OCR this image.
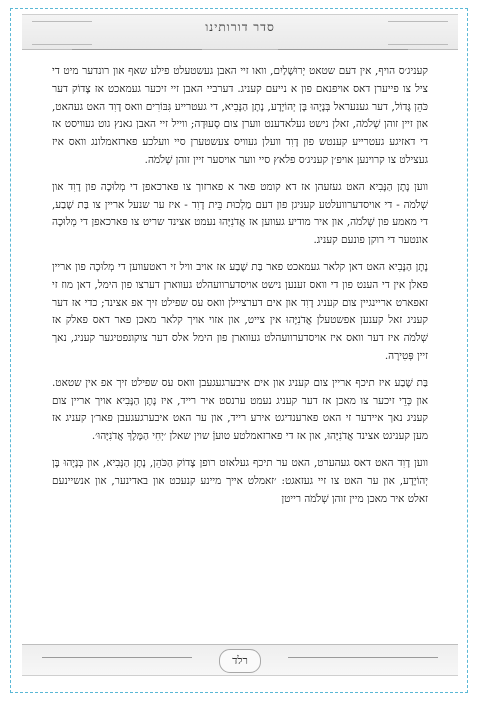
סדר דורותינו

קעניג׳ס הויף, אין דעם שטאט יְרוּשָׁלַיִם, וואו זיי האבן געשטעלט פילע שאף און רונדער מיט די ציל צו פייערן דאס אויפנאם פון א נייעם קעניג. דערביי האבן זיי זיכער געמאכט אז צָדוֹק דער כֹּהֵן גָּדוֹל, דער גענעראל בְּנָיָהוּ בֶּן יְהוֹיָדָע, נָתָן הַנָּבִיא, די געטרייע גִּבּוֹרִים וואס דָוִד האט געהאט, און זיין זוהן שְׁלֹמֹה, זאלן נישט געלאדענט ווערן צום סְעוּדָה; ווייל זיי האבן גאנץ גוט געוויסט אז די דאזיגע געטרייע קענטש פון דָוִד וועלן געוויס צעשטערן סיי וועלכע פארזאמלונג וואס איז געצילט צו קרוינען אויפ׳ן קעניג׳ס פלאץ סיי ווער אויסער זיין זוהן שְׁלֹמֹה.

ווען נָתָן הַנָּבִיא האט געזעהן אז דא קומט פאר א פארזוך צו פארכאפן די מְלוּכָה פון דָוִד און שְׁלֹמֹה - די אויסדערוועלטע קעניגן פון דעם מַלְכוּת בֵּית דָוִד - איז ער שנעל אריין צו בַּת שֶׁבַע, די מאמע פון שְׁלֹמֹה, און איר מודיע געווען אז אֲדֹנִיָּהוּ נעמט אצינד שריט צו פארכאפן די מְלוּכָה אונטער די רוקן פונעם קעניג.

נָתָן הַנָּבִיא האט דאן קלאר געמאכט פאר בַּת שֶׁבַע אז אויב וויל זי ראטעווען די מְלוּכָה פון אריין פאלן אין די הענט פון די וואס זענען נישט אויסדערוועהלט געווארן דערצו פון הימל, דאן מוז זי זאפארט אריינגיין צום קעניג דָוִד און אים דערציילן וואס עס שפילט זיך אפ אצינד; כדי אז דער קעניג זאל קענען אפשטעלן אֲדֹנִיָּהוּ אין צייט, און אזוי אויך קלאר מאכן פאר דאס פאלק אז שְׁלֹמֹה איז דער וואס איז אויסדערוועהלט געווארן פון הימל אלס דער צוקונפטיגער קעניג, נאך זיין פְּטִירָה.

בַּת שֶׁבַע איז תיכף אריין צום קעניג און אים איבערגעגעבן וואס עס שפילט זיך אפ אין שטאט. און כְּדֵי זיכער צו מאכן אז דער קעניג נעמט ערנסט איר רייד, איז נָתָן הַנָּבִיא אויך אריין צום קעניג נאך איידער זי האט פארענדיגט אירע רייד, און ער האט איבערגעגעבן פאר׳ן קעניג אז מען קעניגט אצינד אֲדֹנִיָּהוּ, און אז די פארזאמלטע טועןֿ שוין שאלן ׳יְחִי הַמֶּלֶךְ אֲדֹנִיָּהוּ׳.

ווען דָוִד האט דאס געהערט, האט ער תיכף געלאזט רופן צָדוֹק הַכֹּהֵן, נָתָן הַנָּבִיא, און בְּנָיָהוּ בֶּן יְהוֹיָדָע, און ער האט צו זיי געזאגט: ׳זאמלט אייך מיינע קנעכט און באדינער, און אנשיינעם זאלט איר מאכן מיין זוהן שְׁלֹמֹה רייטן

רלד
